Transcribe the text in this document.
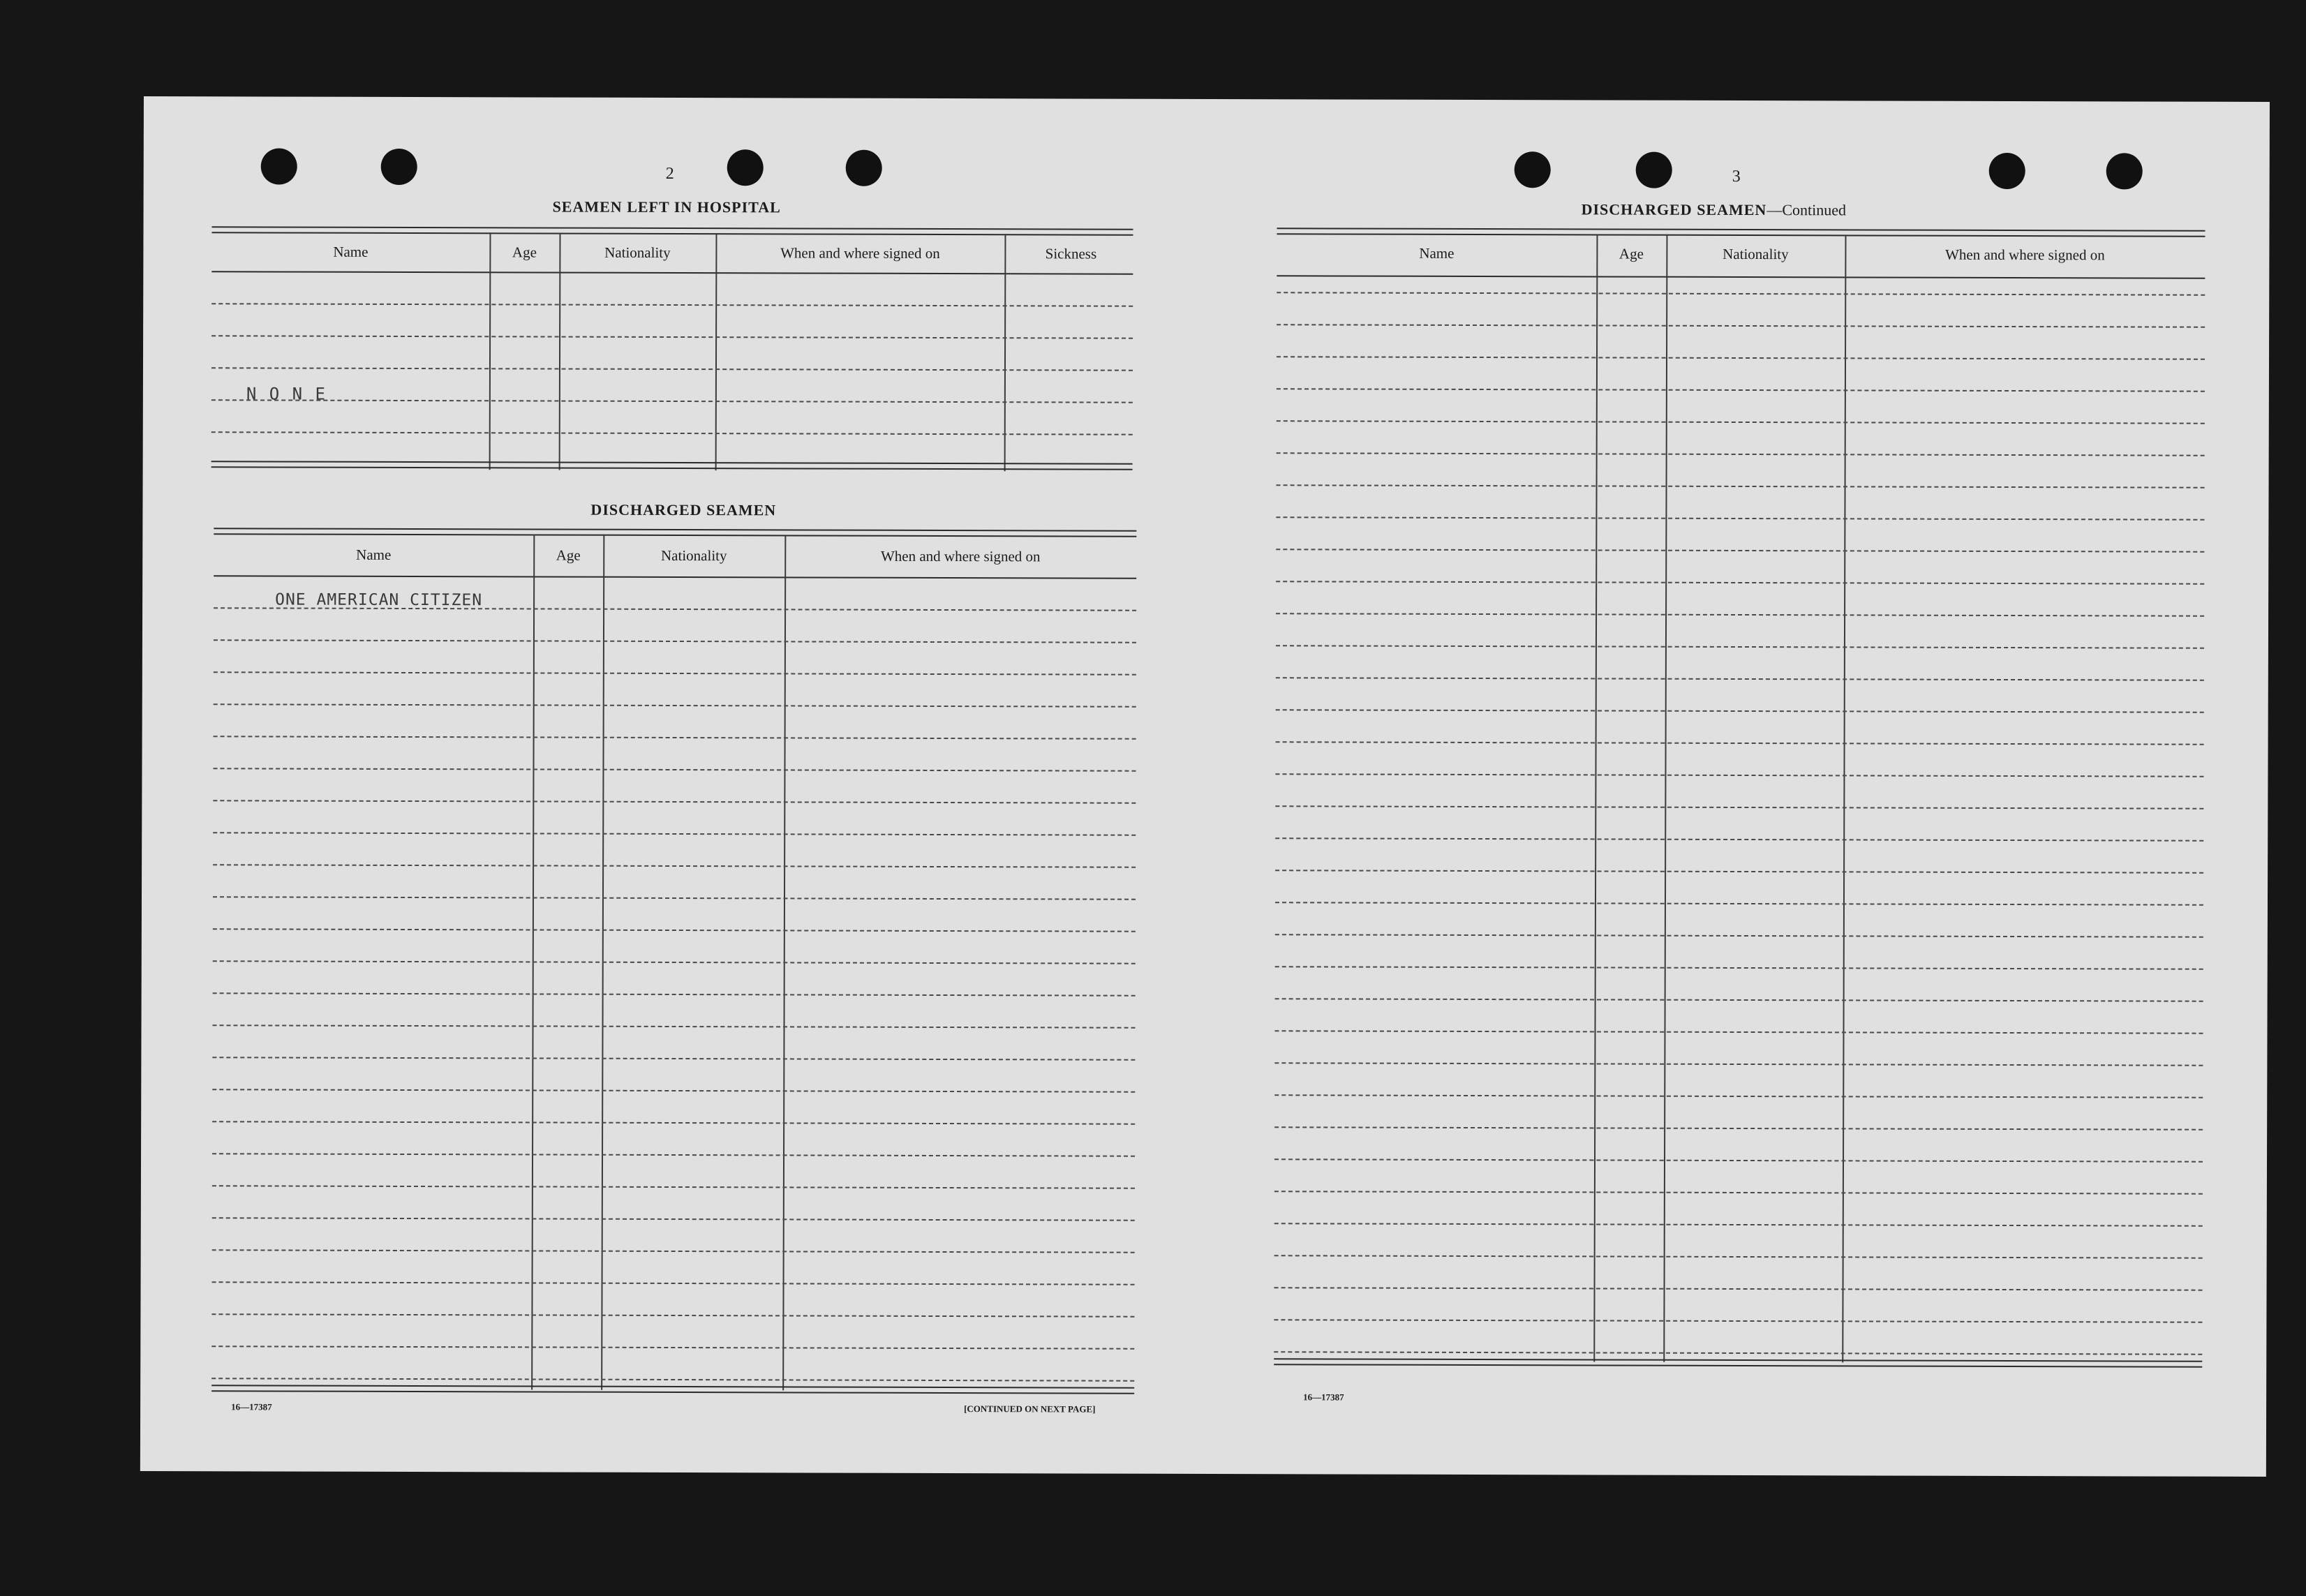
2
SEAMEN LEFT IN HOSPITAL
Name	Age	Nationality	When and where signed on	Sickness
N O N E
DISCHARGED SEAMEN
Name	Age	Nationality	When and where signed on
ONE AMERICAN CITIZEN
16—17387	[CONTINUED ON NEXT PAGE]
3
DISCHARGED SEAMEN—Continued
Name	Age	Nationality	When and where signed on
16—17387
